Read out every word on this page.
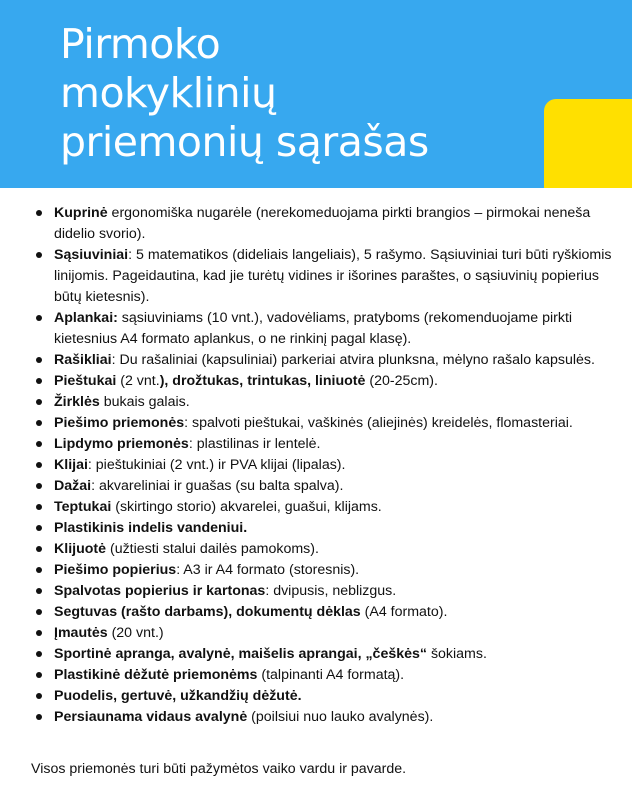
Pirmoko
mokyklinių
priemonių sąrašas
Kuprinė ergonomiška nugarėle (nerekomeduojama pirkti brangios – pirmokai neneša didelio svorio).
Sąsiuviniai: 5 matematikos (dideliais langeliais), 5 rašymo. Sąsiuviniai turi būti ryškiomis linijomis. Pageidautina, kad jie turėtų vidines ir išorines paraštes, o sąsiuvinių popierius būtų kietesnis).
Aplankai: sąsiuviniams (10 vnt.), vadovėliams, pratyboms (rekomenduojame pirkti kietesnius A4 formato aplankus, o ne rinkinį pagal klasę).
Rašikliai: Du rašaliniai (kapsuliniai) parkeriai atvira plunksna, mėlyno rašalo kapsulės.
Pieštukai (2 vnt.), drožtukas, trintukas, liniuotė (20-25cm).
Žirklės bukais galais.
Piešimo priemonės: spalvoti pieštukai, vaškinės (aliejinės) kreidelės, flomasteriai.
Lipdymo priemonės: plastilinas ir lentelė.
Klijai: pieštukiniai (2 vnt.) ir PVA klijai (lipalas).
Dažai: akvareliniai ir guašas (su balta spalva).
Teptukai (skirtingo storio) akvarelei, guašui, klijams.
Plastikinis indelis vandeniui.
Klijuotė (užtiesti stalui dailės pamokoms).
Piešimo popierius: A3 ir A4 formato (storesnis).
Spalvotas popierius ir kartonas: dvipusis, neblizgus.
Segtuvas (rašto darbams), dokumentų dėklas (A4 formato).
Įmautės (20 vnt.)
Sportinė apranga, avalynė, maišelis aprangai, „češkės“ šokiams.
Plastikinė dėžutė priemonėms (talpinanti A4 formatą).
Puodelis, gertuvė, užkandžių dėžutė.
Persiaunama vidaus avalynė (poilsiui nuo lauko avalynės).

Visos priemonės turi būti pažymėtos vaiko vardu ir pavarde.
